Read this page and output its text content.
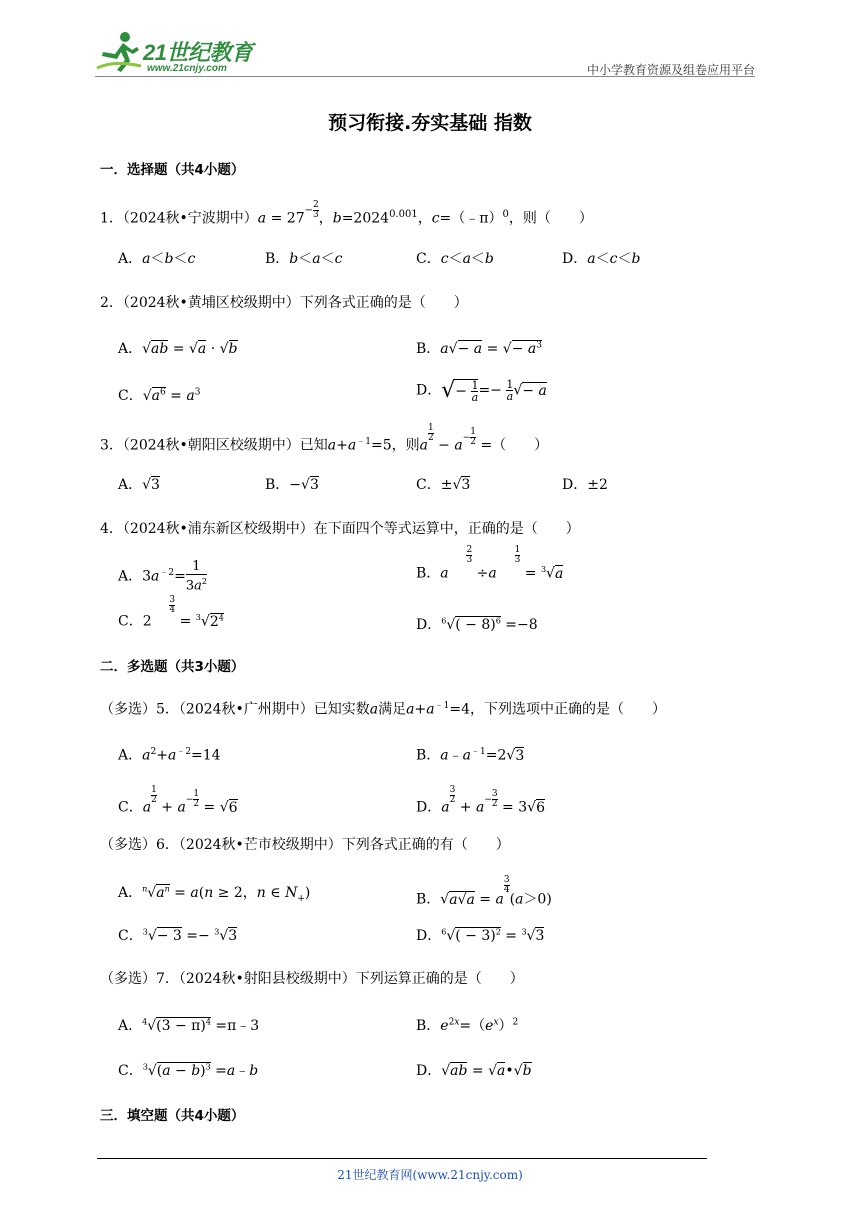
21世纪教育
www.21cnjy.com	中小学教育资源及组卷应用平台
预习衔接.夯实基础 指数
一．选择题（共4小题）
1．（2024秋•宁波期中）$a = 27^{- \frac{2}{3}}$ ，$b=2024^{0.001}$，c=（﹣π）$^0$，则（　　）
A．a＜b＜c	B．b＜a＜c	C．c＜a＜b	D．a＜c＜b
2．（2024秋•黄埔区校级期中）下列各式正确的是（　　）
A．√ab = √a · √b	B．a√− a = √− $a^3$
C．$√a^6 = a^3$	D．√− $\frac{1}{a} =- \frac{1}{a}$ √− a
3．（2024秋•朝阳区校级期中）已知$a+a^{﹣1}=5$，则a
$^{\frac{1}{2}}$
− $a^{- \frac{1}{2}}$ =（　　）
A．√3	B．−√3	C．±√3	D．±2
4．（2024秋•浦东新区校级期中）在下面四个等式运算中，正确的是（　　）
A．$3a^{﹣2}= \frac{1}{3a^2}$	B．a
$^{\frac{2}{3}}$
÷a
$^{\frac{1}{3}}$
= $^3$√a
C．2
$^{\frac{3}{4}}$
= $^3√2^4$	D．$^6√( - 8)^6 =-8$
二．多选题（共3小题）
（多选）5．（2024秋•广州期中）已知实数a满足$a+a^{﹣1}=4$，下列选项中正确的是（　　）
A．$a^2+a^{﹣2}=14$	B．$a﹣a^{﹣1}=2√3$
C．a
$^{\frac{1}{2}}$
+ $a^{- \frac{1}{2}} = √6$	D．a
$^{\frac{3}{2}}$
+ $a^{- \frac{3}{2}} = 3√6$
（多选）6．（2024秋•芒市校级期中）下列各式正确的有（　　）
A．$^n√a^n = a(n \ge 2$，n ∈ $N_+$)	B．√a√a = a
$^{\frac{3}{4}}$
(a＞0)
C．$^3$√− 3 =− $^3$√3	D．$^6√( - 3)^2 = ^3√3$
（多选）7．（2024秋•射阳县校级期中）下列运算正确的是（　　）
A．$^4√(3 - \pi)^4$ =π﹣3	B．$e^{2x}=(e^x)^2$
C．$^3√(a - b)^3$ =a﹣b	D．√ab = √a•√b
三．填空题（共4小题）
21世纪教育网(www.21cnjy.com)
